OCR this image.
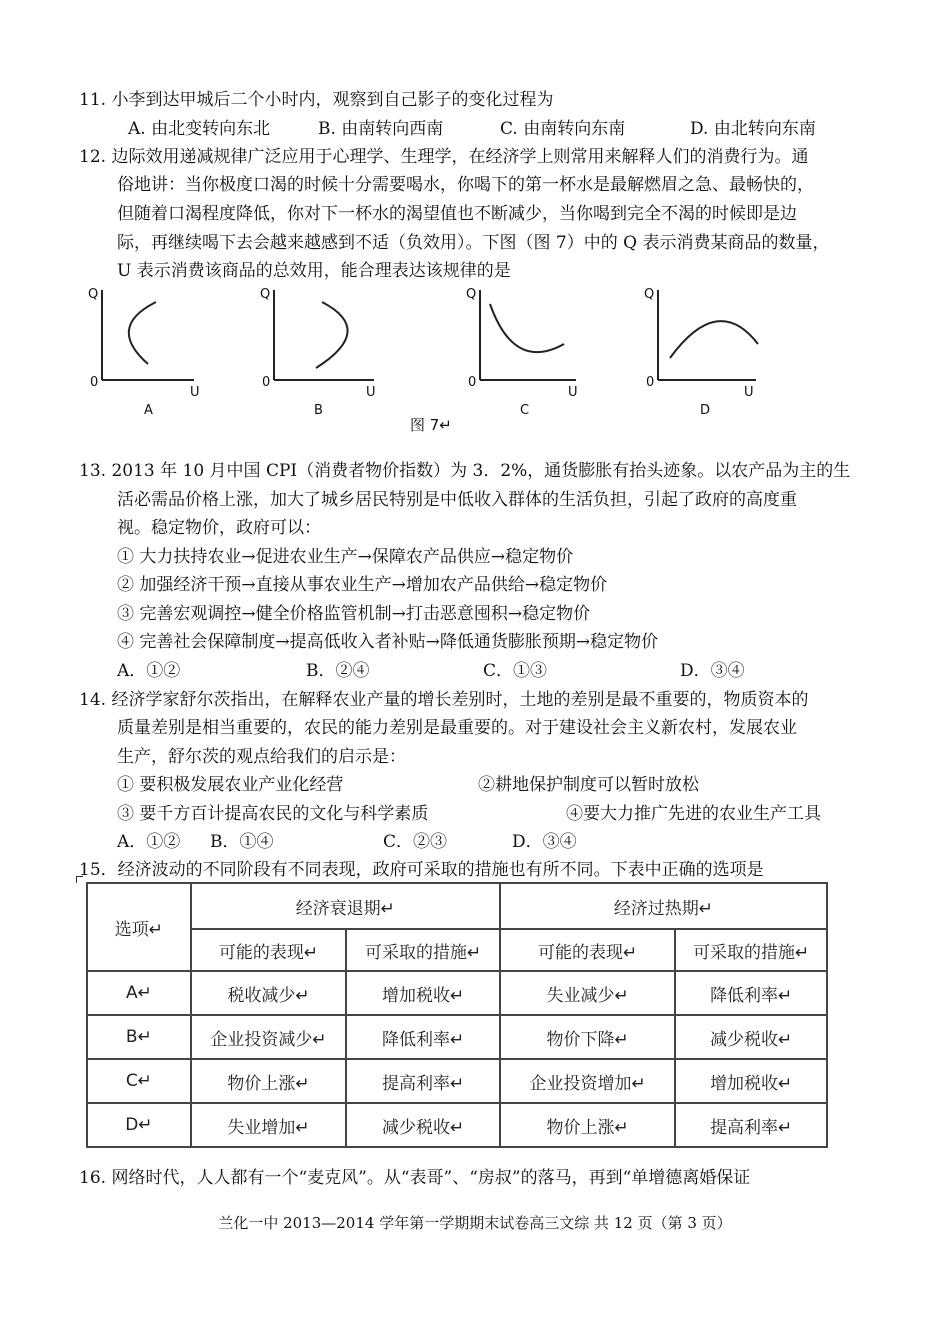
11. 小李到达甲城后二个小时内，观察到自己影子的变化过程为
A. 由北变转向东北	B. 由南转向西南	C. 由南转向东南	D. 由北转向东南
12. 边际效用递减规律广泛应用于心理学、生理学，在经济学上则常用来解释人们的消费行为。通
俗地讲：当你极度口渴的时候十分需要喝水，你喝下的第一杯水是最解燃眉之急、最畅快的，
但随着口渴程度降低，你对下一杯水的渴望值也不断减少，当你喝到完全不渴的时候即是边
际，再继续喝下去会越来越感到不适（负效用）。下图（图 7）中的 Q 表示消费某商品的数量，
U 表示消费该商品的总效用，能合理表达该规律的是
Q
0
U
A
Q
0
U
B
Q
0
U
C
Q
0
U
D
图 7↵
13. 2013 年 10 月中国 CPI（消费者物价指数）为 3．2%，通货膨胀有抬头迹象。以农产品为主的生
活必需品价格上涨，加大了城乡居民特别是中低收入群体的生活负担，引起了政府的高度重
视。稳定物价，政府可以：
① 大力扶持农业→促进农业生产→保障农产品供应→稳定物价
② 加强经济干预→直接从事农业生产→增加农产品供给→稳定物价
③ 完善宏观调控→健全价格监管机制→打击恶意囤积→稳定物价
④ 完善社会保障制度→提高低收入者补贴→降低通货膨胀预期→稳定物价
A．①②	B．②④	C．①③	D．③④
14. 经济学家舒尔茨指出，在解释农业产量的增长差别时，土地的差别是最不重要的，物质资本的
质量差别是相当重要的，农民的能力差别是最重要的。对于建设社会主义新农村，发展农业
生产，舒尔茨的观点给我们的启示是：
① 要积极发展农业产业化经营	②耕地保护制度可以暂时放松
③ 要千方百计提高农民的文化与科学素质	④要大力推广先进的农业生产工具
A．①② B．①④	C．②③	D．③④
15．经济波动的不同阶段有不同表现，政府可采取的措施也有所不同。下表中正确的选项是
选项↵	经济衰退期↵		经济过热期↵	
	可能的表现↵	可采取的措施↵	可能的表现↵	可采取的措施↵
A↵	税收减少↵	增加税收↵	失业减少↵	降低利率↵
B↵	企业投资减少↵	降低利率↵	物价下降↵	减少税收↵
C↵	物价上涨↵	提高利率↵	企业投资增加↵	增加税收↵
D↵	失业增加↵	减少税收↵	物价上涨↵	提高利率↵
16. 网络时代，人人都有一个“麦克风”。从“表哥”、“房叔”的落马，再到“单增德离婚保证
兰化一中 2013—2014 学年第一学期期末试卷高三文综 共 12 页（第 3 页）
